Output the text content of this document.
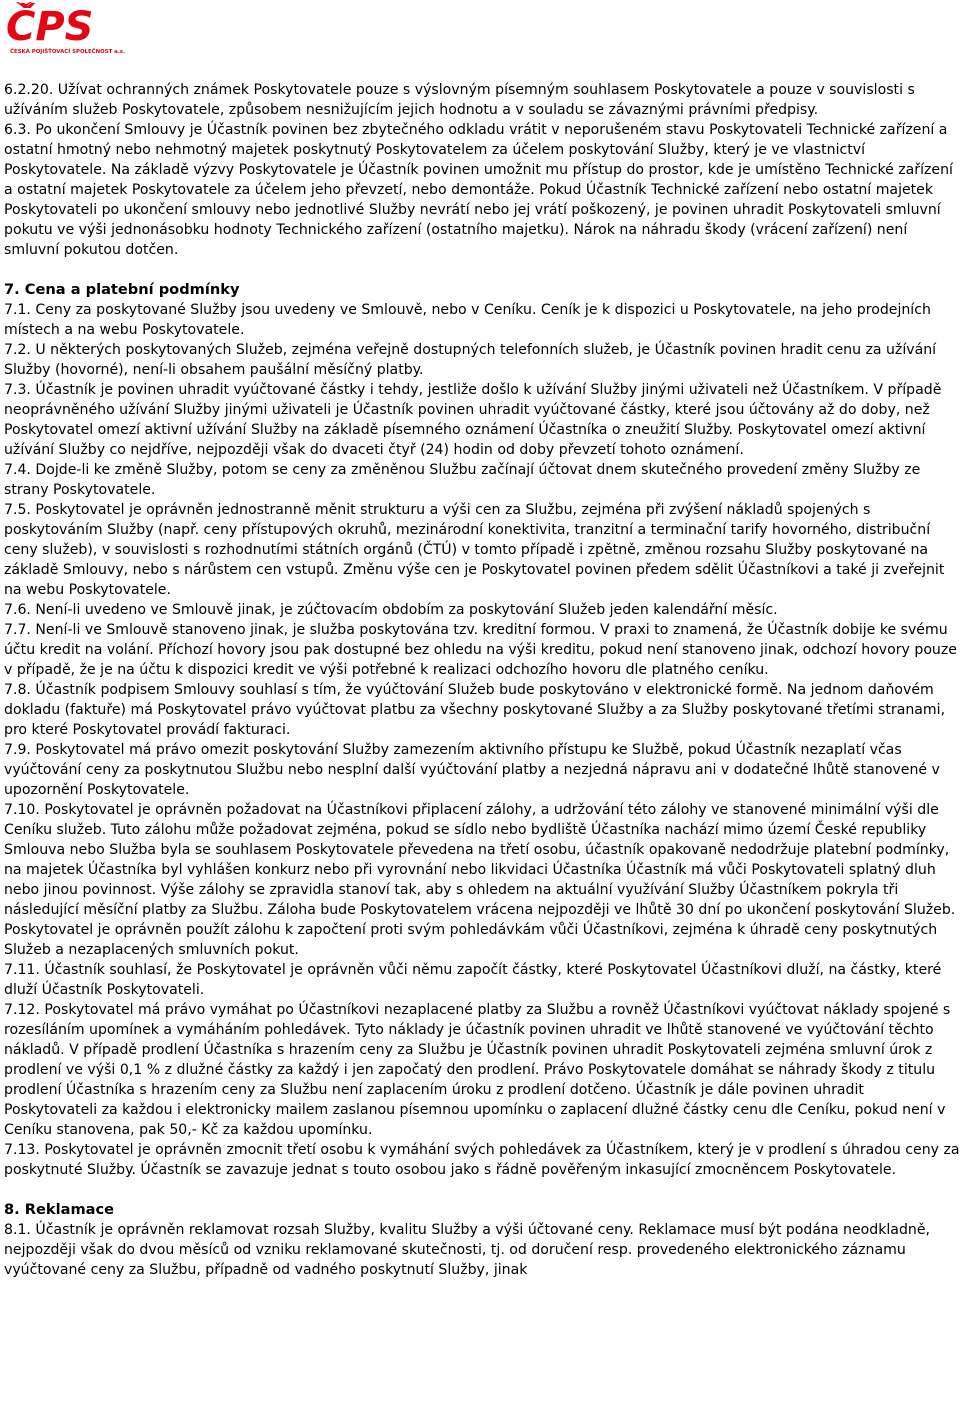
ČPS
ČESKÁ POJIŠŤOVACÍ SPOLEČNOST a.s.

6.2.20. Užívat ochranných známek Poskytovatele pouze s výslovným písemným souhlasem Poskytovatele a pouze v souvislosti s užíváním služeb Poskytovatele, způsobem nesnižujícím jejich hodnotu a v souladu se závaznými právními předpisy.

6.3. Po ukončení Smlouvy je Účastník povinen bez zbytečného odkladu vrátit v neporušeném stavu Poskytovateli Technické zařízení a ostatní hmotný nebo nehmotný majetek poskytnutý Poskytovatelem za účelem poskytování Služby, který je ve vlastnictví Poskytovatele. Na základě výzvy Poskytovatele je Účastník povinen umožnit mu přístup do prostor, kde je umístěno Technické zařízení a ostatní majetek Poskytovatele za účelem jeho převzetí, nebo demontáže. Pokud Účastník Technické zařízení nebo ostatní majetek Poskytovateli po ukončení smlouvy nebo jednotlivé Služby nevrátí nebo jej vrátí poškozený, je povinen uhradit Poskytovateli smluvní pokutu ve výši jednonásobku hodnoty Technického zařízení (ostatního majetku). Nárok na náhradu škody (vrácení zařízení) není smluvní pokutou dotčen.

7. Cena a platební podmínky

7.1. Ceny za poskytované Služby jsou uvedeny ve Smlouvě, nebo v Ceníku. Ceník je k dispozici u Poskytovatele, na jeho prodejních místech a na webu Poskytovatele.

7.2. U některých poskytovaných Služeb, zejména veřejně dostupných telefonních služeb, je Účastník povinen hradit cenu za užívání Služby (hovorné), není-li obsahem paušální měsíčný platby.

7.3. Účastník je povinen uhradit vyúčtované částky i tehdy, jestliže došlo k užívání Služby jinými uživateli než Účastníkem. V případě neoprávněného užívání Služby jinými uživateli je Účastník povinen uhradit vyúčtované částky, které jsou účtovány až do doby, než Poskytovatel omezí aktivní užívání Služby na základě písemného oznámení Účastníka o zneužití Služby. Poskytovatel omezí aktivní užívání Služby co nejdříve, nejpozději však do dvaceti čtyř (24) hodin od doby převzetí tohoto oznámení.

7.4. Dojde-li ke změně Služby, potom se ceny za změněnou Službu začínají účtovat dnem skutečného provedení změny Služby ze strany Poskytovatele.

7.5. Poskytovatel je oprávněn jednostranně měnit strukturu a výši cen za Službu, zejména při zvýšení nákladů spojených s poskytováním Služby (např. ceny přístupových okruhů, mezinárodní konektivita, tranzitní a terminační tarify hovorného, distribuční ceny služeb), v souvislosti s rozhodnutími státních orgánů (ČTÚ) v tomto případě i zpětně, změnou rozsahu Služby poskytované na základě Smlouvy, nebo s nárůstem cen vstupů. Změnu výše cen je Poskytovatel povinen předem sdělit Účastníkovi a také ji zveřejnit na webu Poskytovatele.

7.6. Není-li uvedeno ve Smlouvě jinak, je zúčtovacím obdobím za poskytování Služeb jeden kalendářní měsíc.

7.7. Není-li ve Smlouvě stanoveno jinak, je služba poskytována tzv. kreditní formou. V praxi to znamená, že Účastník dobije ke svému účtu kredit na volání. Příchozí hovory jsou pak dostupné bez ohledu na výši kreditu, pokud není stanoveno jinak, odchozí hovory pouze v případě, že je na účtu k dispozici kredit ve výši potřebné k realizaci odchozího hovoru dle platného ceníku.

7.8. Účastník podpisem Smlouvy souhlasí s tím, že vyúčtování Služeb bude poskytováno v elektronické formě. Na jednom daňovém dokladu (faktuře) má Poskytovatel právo vyúčtovat platbu za všechny poskytované Služby a za Služby poskytované třetími stranami, pro které Poskytovatel provádí fakturaci.

7.9. Poskytovatel má právo omezit poskytování Služby zamezením aktivního přístupu ke Službě, pokud Účastník nezaplatí včas vyúčtování ceny za poskytnutou Službu nebo nesplní další vyúčtování platby a nezjedná nápravu ani v dodatečné lhůtě stanovené v upozornění Poskytovatele.

7.10. Poskytovatel je oprávněn požadovat na Účastníkovi připlacení zálohy, a udržování této zálohy ve stanovené minimální výši dle Ceníku služeb. Tuto zálohu může požadovat zejména, pokud se sídlo nebo bydliště Účastníka nachází mimo území České republiky Smlouva nebo Služba byla se souhlasem Poskytovatele převedena na třetí osobu, účastník opakovaně nedodržuje platební podmínky, na majetek Účastníka byl vyhlášen konkurz nebo při vyrovnání nebo likvidaci Účastníka Účastník má vůči Poskytovateli splatný dluh nebo jinou povinnost. Výše zálohy se zpravidla stanoví tak, aby s ohledem na aktuální využívání Služby Účastníkem pokryla tři následující měsíční platby za Službu. Záloha bude Poskytovatelem vrácena nejpozději ve lhůtě 30 dní po ukončení poskytování Služeb. Poskytovatel je oprávněn použít zálohu k započtení proti svým pohledávkám vůči Účastníkovi, zejména k úhradě ceny poskytnutých Služeb a nezaplacených smluvních pokut.

7.11. Účastník souhlasí, že Poskytovatel je oprávněn vůči němu započít částky, které Poskytovatel Účastníkovi dluží, na částky, které dluží Účastník Poskytovateli.

7.12. Poskytovatel má právo vymáhat po Účastníkovi nezaplacené platby za Službu a rovněž Účastníkovi vyúčtovat náklady spojené s rozesíláním upomínek a vymáháním pohledávek. Tyto náklady je účastník povinen uhradit ve lhůtě stanovené ve vyúčtování těchto nákladů. V případě prodlení Účastníka s hrazením ceny za Službu je Účastník povinen uhradit Poskytovateli zejména smluvní úrok z prodlení ve výši 0,1 % z dlužné částky za každý i jen započatý den prodlení. Právo Poskytovatele domáhat se náhrady škody z titulu prodlení Účastníka s hrazením ceny za Službu není zaplacením úroku z prodlení dotčeno. Účastník je dále povinen uhradit Poskytovateli za každou i elektronicky mailem zaslanou písemnou upomínku o zaplacení dlužné částky cenu dle Ceníku, pokud není v Ceníku stanovena, pak 50,- Kč za každou upomínku.

7.13. Poskytovatel je oprávněn zmocnit třetí osobu k vymáhání svých pohledávek za Účastníkem, který je v prodlení s úhradou ceny za poskytnuté Služby. Účastník se zavazuje jednat s touto osobou jako s řádně pověřeným inkasující zmocněncem Poskytovatele.

8. Reklamace

8.1. Účastník je oprávněn reklamovat rozsah Služby, kvalitu Služby a výši účtované ceny. Reklamace musí být podána neodkladně, nejpozději však do dvou měsíců od vzniku reklamované skutečnosti, tj. od doručení resp. provedeného elektronického záznamu vyúčtované ceny za Službu, případně od vadného poskytnutí Služby, jinak
